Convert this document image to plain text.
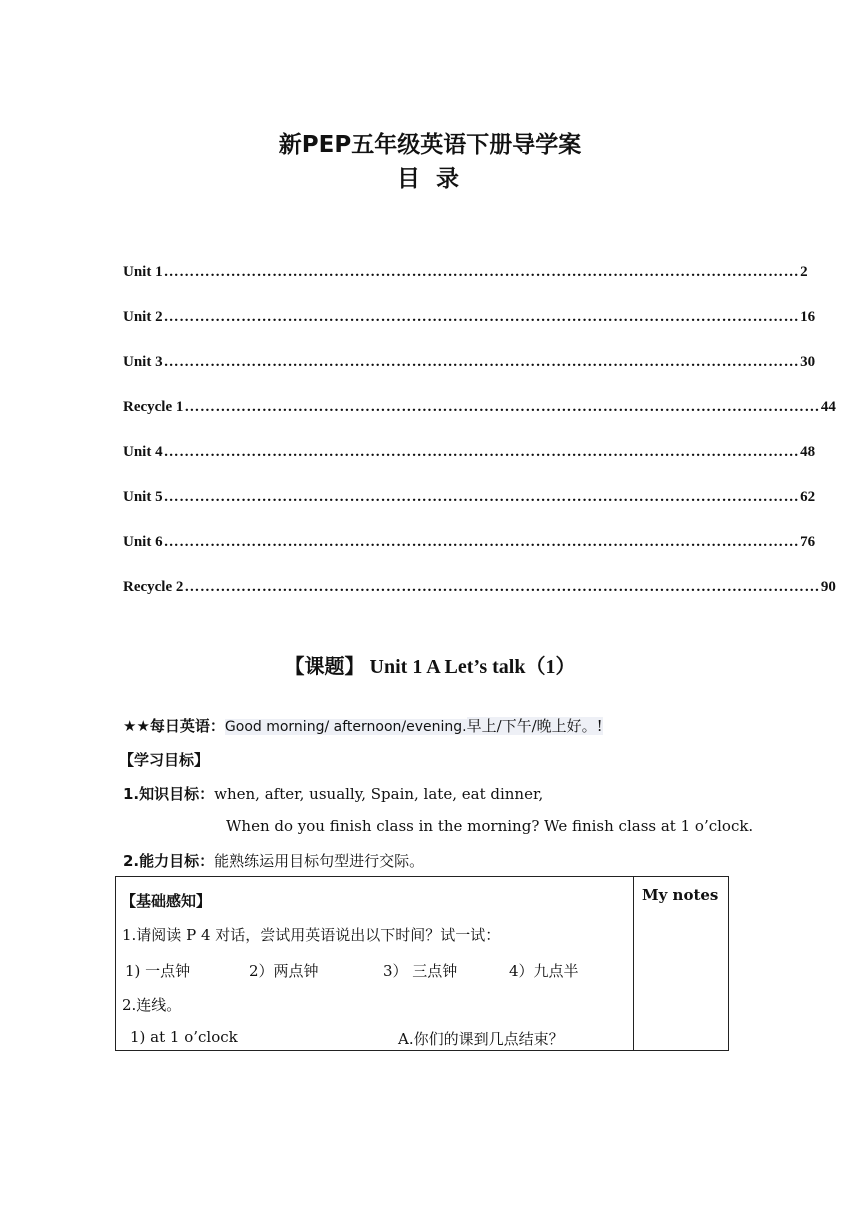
新PEP五年级英语下册导学案
目 录
Unit 1 …………………………………………………………………………………………………………… 2
Unit 2 …………………………………………………………………………………………………………… 16
Unit 3 …………………………………………………………………………………………………………… 30
Recycle 1 …………………………………………………………………………………………………………… 44
Unit 4 …………………………………………………………………………………………………………… 48
Unit 5 …………………………………………………………………………………………………………… 62
Unit 6 …………………………………………………………………………………………………………… 76
Recycle 2 …………………………………………………………………………………………………………… 90
【课题】 Unit 1 A Let’s talk（1）
★★每日英语：Good morning/ afternoon/evening.早上/下午/晚上好。!
【学习目标】
1.知识目标：when, after, usually, Spain, late, eat dinner,
When do you finish class in the morning? We finish class at 1 o’clock.
2.能力目标：能熟练运用目标句型进行交际。
【基础感知】	My notes
1.请阅读 P 4 对话，尝试用英语说出以下时间？试一试：
1) 一点钟	2）两点钟	3） 三点钟	4）九点半
2.连线。
1) at 1 o’clock	A.你们的课到几点结束？
